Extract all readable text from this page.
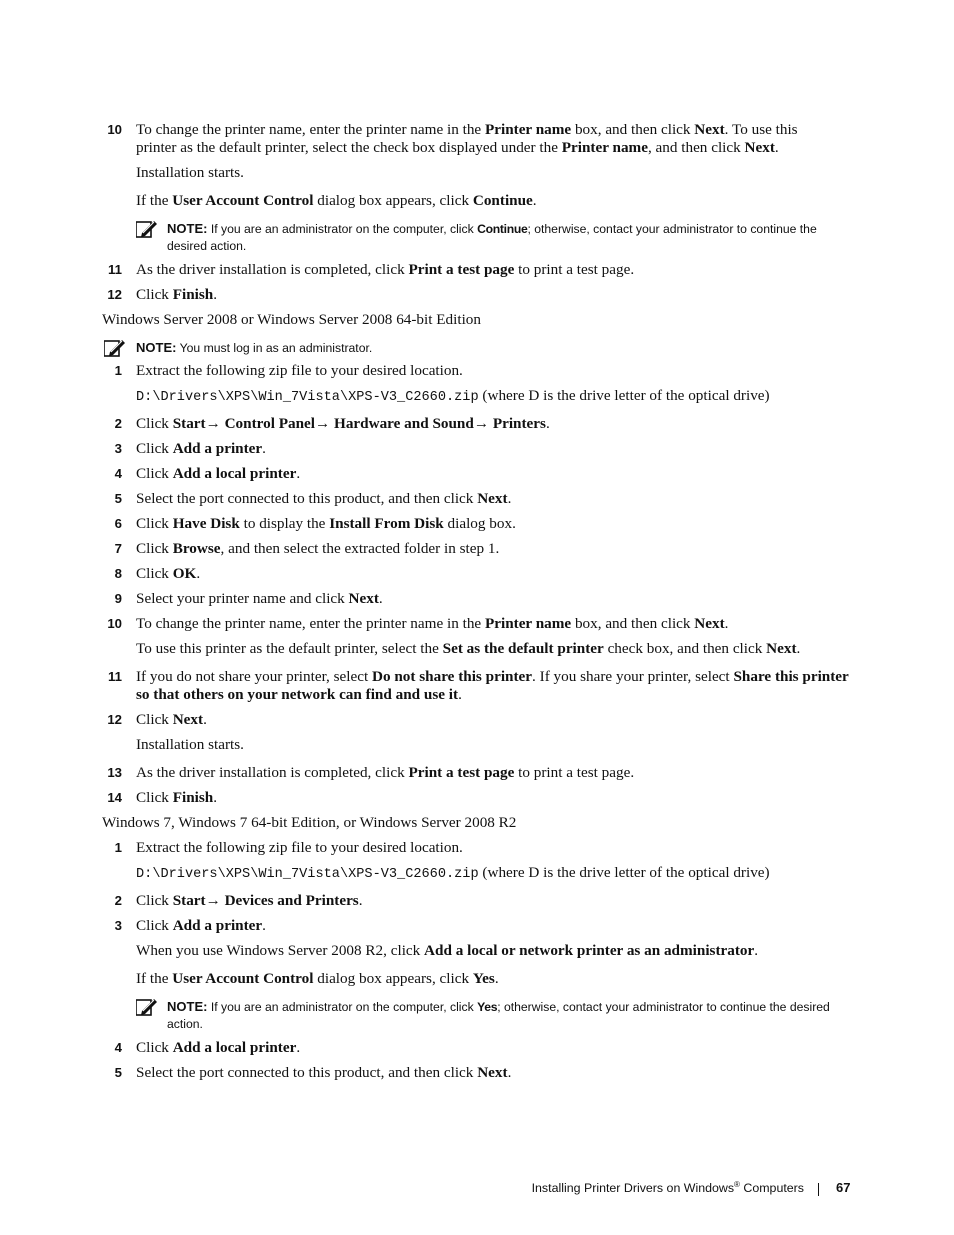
10 To change the printer name, enter the printer name in the Printer name box, and then click Next. To use this
printer as the default printer, select the check box displayed under the Printer name, and then click Next.
Installation starts.
If the User Account Control dialog box appears, click Continue.
NOTE: If you are an administrator on the computer, click Continue; otherwise, contact your administrator to continue the
desired action.
11 As the driver installation is completed, click Print a test page to print a test page.
12 Click Finish.
Windows Server 2008 or Windows Server 2008 64-bit Edition
NOTE: You must log in as an administrator.
1 Extract the following zip file to your desired location.
D:\Drivers\XPS\Win_7Vista\XPS-V3_C2660.zip (where D is the drive letter of the optical drive)
2 Click Start→ Control Panel→ Hardware and Sound→ Printers.
3 Click Add a printer.
4 Click Add a local printer.
5 Select the port connected to this product, and then click Next.
6 Click Have Disk to display the Install From Disk dialog box.
7 Click Browse, and then select the extracted folder in step 1.
8 Click OK.
9 Select your printer name and click Next.
10 To change the printer name, enter the printer name in the Printer name box, and then click Next.
To use this printer as the default printer, select the Set as the default printer check box, and then click Next.
11 If you do not share your printer, select Do not share this printer. If you share your printer, select Share this printer
so that others on your network can find and use it.
12 Click Next.
Installation starts.
13 As the driver installation is completed, click Print a test page to print a test page.
14 Click Finish.
Windows 7, Windows 7 64-bit Edition, or Windows Server 2008 R2
1 Extract the following zip file to your desired location.
D:\Drivers\XPS\Win_7Vista\XPS-V3_C2660.zip (where D is the drive letter of the optical drive)
2 Click Start→ Devices and Printers.
3 Click Add a printer.
When you use Windows Server 2008 R2, click Add a local or network printer as an administrator.
If the User Account Control dialog box appears, click Yes.
NOTE: If you are an administrator on the computer, click Yes; otherwise, contact your administrator to continue the desired
action.
4 Click Add a local printer.
5 Select the port connected to this product, and then click Next.
Installing Printer Drivers on Windows® Computers 67
